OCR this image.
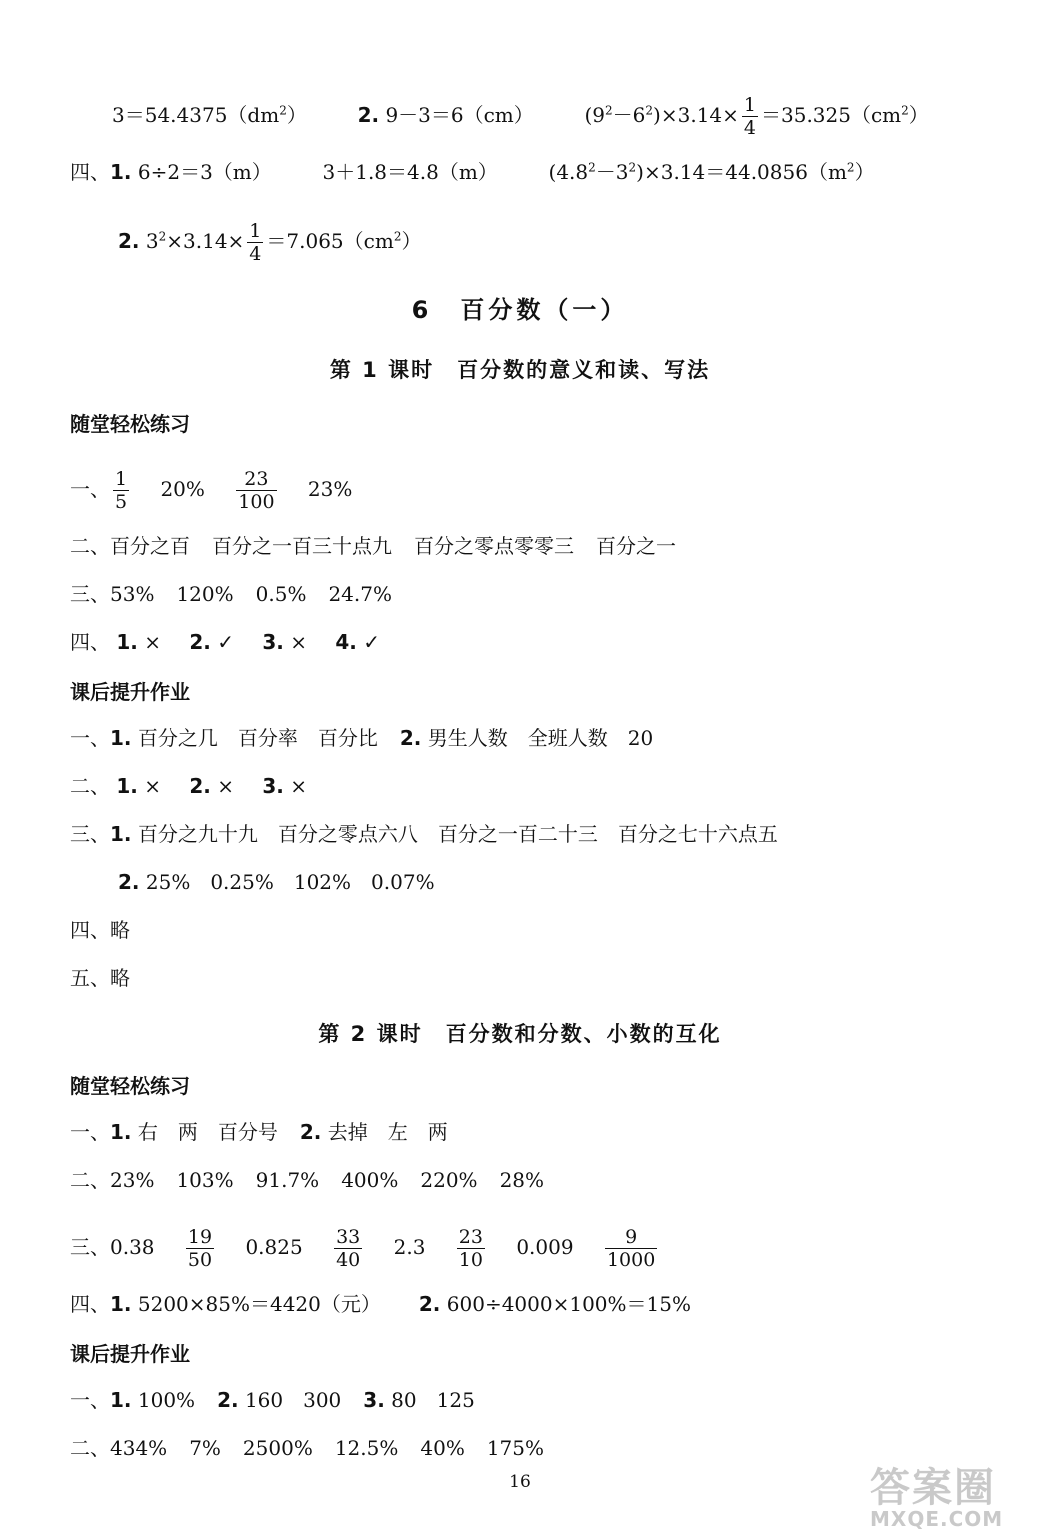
$3=54.4375(dm^2)$	2. 9－3＝6（cm）	$(9^2-6^2)\times 3.14\times \frac{1}{4} =35.325(cm^2)$
四、1. 6÷2＝3（m）	3＋1.8＝4.8（m）	$(4.8^2-3^2)\times 3.14=44.0856(m^2)$
2. $3^2\times 3.14\times \frac{1}{4} =7.065(cm^2)$
6　百分数（一）
第 1 课时　百分数的意义和读、写法
随堂轻松练习
一、 $\frac{1}{5} 20\% \frac{23}{100} 23\%$
二、百分之百 百分之一百三十点九 百分之零点零零三 百分之一
三、53% 120% 0.5% 24.7%
四、 1. × 2. ✓ 3. × 4. ✓
课后提升作业
一、1. 百分之几　百分率　百分比 2. 男生人数　全班人数　20
二、 1. × 2. × 3. ×
三、1. 百分之九十九　百分之零点六八　百分之一百二十三　百分之七十六点五
2. 25%　0.25%　102%　0.07%
四、略
五、略
第 2 课时　百分数和分数、小数的互化
随堂轻松练习
一、1. 右　两　百分号 2. 去掉　左　两
二、23% 103% 91.7% 400% 220% 28%
三、$0.38 \frac{19}{50} 0.825 \frac{33}{40} 2.3 \frac{23}{10} 0.009 \frac{9}{1000}$
四、1. 5200×85%＝4420（元） 2. 600÷4000×100%＝15%
课后提升作业
一、1. 100% 2. 160　300 3. 80　125
二、434% 7% 2500% 12.5% 40% 175%
16	答案圈
MXQE.COM
